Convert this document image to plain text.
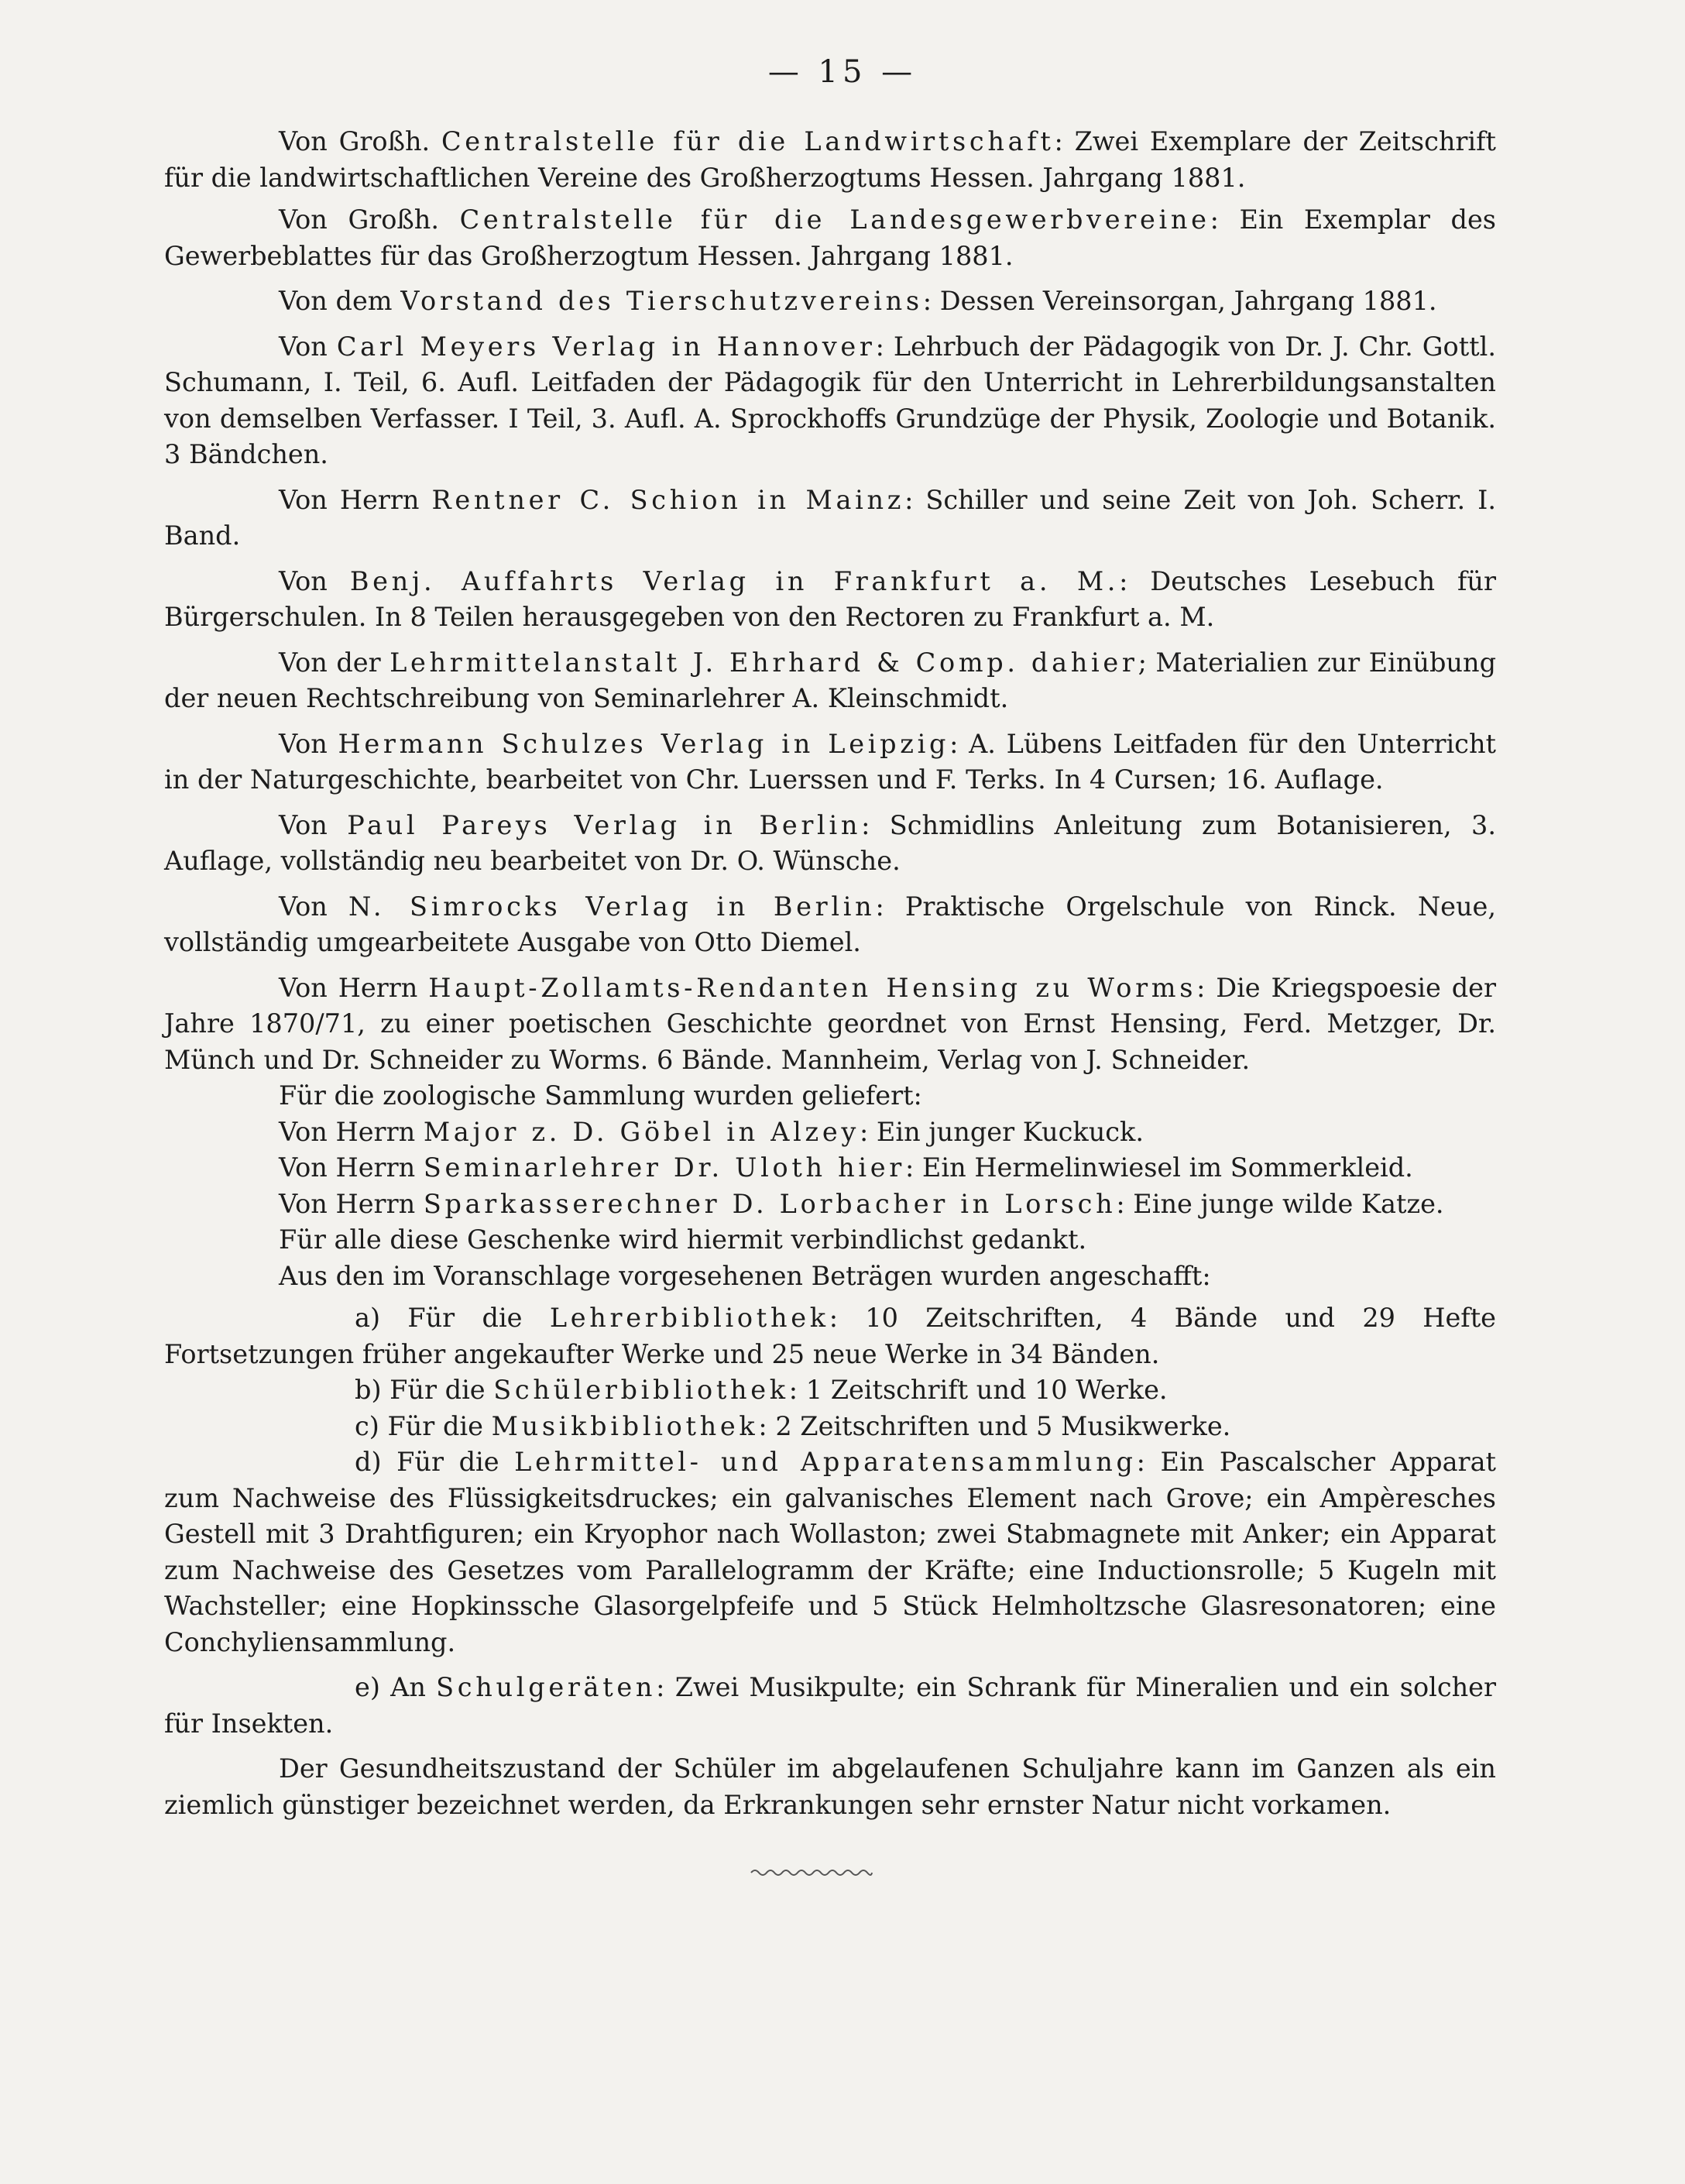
— 15 —

Von Großh. Centralstelle für die Landwirtschaft: Zwei Exemplare der Zeitschrift für die landwirtschaftlichen Vereine des Großherzogtums Hessen. Jahrgang 1881.

Von Großh. Centralstelle für die Landesgewerbvereine: Ein Exemplar des Gewerbeblattes für das Großherzogtum Hessen. Jahrgang 1881.

Von dem Vorstand des Tierschutzvereins: Dessen Vereinsorgan, Jahrgang 1881.

Von Carl Meyers Verlag in Hannover: Lehrbuch der Pädagogik von Dr. J. Chr. Gottl. Schumann, I. Teil, 6. Aufl. Leitfaden der Pädagogik für den Unterricht in Lehrerbildungsanstalten von demselben Verfasser. I Teil, 3. Aufl. A. Sprockhoffs Grundzüge der Physik, Zoologie und Botanik. 3 Bändchen.

Von Herrn Rentner C. Schion in Mainz: Schiller und seine Zeit von Joh. Scherr. I. Band.

Von Benj. Auffahrts Verlag in Frankfurt a. M.: Deutsches Lesebuch für Bürgerschulen. In 8 Teilen herausgegeben von den Rectoren zu Frankfurt a. M.

Von der Lehrmittelanstalt J. Ehrhard & Comp. dahier; Materialien zur Einübung der neuen Rechtschreibung von Seminarlehrer A. Kleinschmidt.

Von Hermann Schulzes Verlag in Leipzig: A. Lübens Leitfaden für den Unterricht in der Naturgeschichte, bearbeitet von Chr. Luerssen und F. Terks. In 4 Cursen; 16. Auflage.

Von Paul Pareys Verlag in Berlin: Schmidlins Anleitung zum Botanisieren, 3. Auflage, vollständig neu bearbeitet von Dr. O. Wünsche.

Von N. Simrocks Verlag in Berlin: Praktische Orgelschule von Rinck. Neue, vollständig umgearbeitete Ausgabe von Otto Diemel.

Von Herrn Haupt-Zollamts-Rendanten Hensing zu Worms: Die Kriegspoesie der Jahre 1870/71, zu einer poetischen Geschichte geordnet von Ernst Hensing, Ferd. Metzger, Dr. Münch und Dr. Schneider zu Worms. 6 Bände. Mannheim, Verlag von J. Schneider.

Für die zoologische Sammlung wurden geliefert:

Von Herrn Major z. D. Göbel in Alzey: Ein junger Kuckuck.

Von Herrn Seminarlehrer Dr. Uloth hier: Ein Hermelinwiesel im Sommerkleid.

Von Herrn Sparkasserechner D. Lorbacher in Lorsch: Eine junge wilde Katze.

Für alle diese Geschenke wird hiermit verbindlichst gedankt.

Aus den im Voranschlage vorgesehenen Beträgen wurden angeschafft:

a) Für die Lehrerbibliothek: 10 Zeitschriften, 4 Bände und 29 Hefte Fortsetzungen früher angekaufter Werke und 25 neue Werke in 34 Bänden.

b) Für die Schülerbibliothek: 1 Zeitschrift und 10 Werke.

c) Für die Musikbibliothek: 2 Zeitschriften und 5 Musikwerke.

d) Für die Lehrmittel- und Apparatensammlung: Ein Pascalscher Apparat zum Nachweise des Flüssigkeitsdruckes; ein galvanisches Element nach Grove; ein Ampèresches Gestell mit 3 Drahtfiguren; ein Kryophor nach Wollaston; zwei Stabmagnete mit Anker; ein Apparat zum Nachweise des Gesetzes vom Parallelogramm der Kräfte; eine Inductionsrolle; 5 Kugeln mit Wachsteller; eine Hopkinssche Glasorgelpfeife und 5 Stück Helmholtzsche Glasresonatoren; eine Conchyliensammlung.

e) An Schulgeräten: Zwei Musikpulte; ein Schrank für Mineralien und ein solcher für Insekten.

Der Gesundheitszustand der Schüler im abgelaufenen Schuljahre kann im Ganzen als ein ziemlich günstiger bezeichnet werden, da Erkrankungen sehr ernster Natur nicht vorkamen.
